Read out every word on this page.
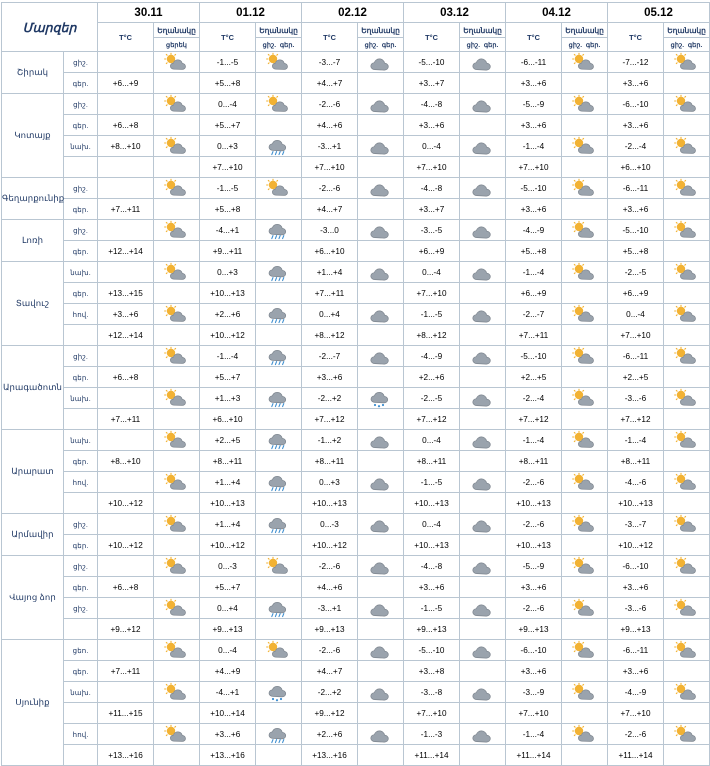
Մարզեր		30.11		01.12		02.12		03.12		04.12		05.12	
		T°C	Եղանակը	T°C	Եղանակը	T°C	Եղանակը	T°C	Եղանակը	T°C	Եղանակը	T°C	Եղանակը
			ցերեկ		ցիշ. գեր.		ցիշ. գեր.		ցիշ. գեր.		ցիշ. գեր.		ցիշ. գեր.
Շիրակ	ցիշ.			-1...-5		-3...-7		-5...-10		-6...-11		-7...-12	

	գեր.	+6...+9		+5...+8		+4...+7		+3...+7		+3...+6		+3...+6	
Կոտայք	ցիշ.			0...-4		-2...-6		-4...-8		-5...-9		-6...-10	

	գեր.	+6...+8		+5...+7		+4...+6		+3...+6		+3...+6		+3...+6	
	նախ.	+8...+10		0...+3		-3...+1		0...-4		-1...-4		-2...-4	

				+7...+10		+7...+10		+7...+10		+7...+10		+6...+10	
Գեղարքունիք	ցիշ.			-1...-5		-2...-6		-4...-8		-5...-10		-6...-11	

	գեր.	+7...+11		+5...+8		+4...+7		+3...+7		+3...+6		+3...+6	
Լոռի	ցիշ.			-4...+1		-3...0		-3...-5		-4...-9		-5...-10	

	գեր.	+12...+14		+9...+11		+6...+10		+6...+9		+5...+8		+5...+8	
Տավուշ	նախ.			0...+3		+1...+4		0...-4		-1...-4		-2...-5	

	գեր.	+13...+15		+10...+13		+7...+11		+7...+10		+6...+9		+6...+9	
	հով.	+3...+6		+2...+6		0...+4		-1...-5		-2...-7		0...-4	

		+12...+14		+10...+12		+8...+12		+8...+12		+7...+11		+7...+10	
Արագածոտն	ցիշ.			-1...-4		-2...-7		-4...-9		-5...-10		-6...-11	

	գեր.	+6...+8		+5...+7		+3...+6		+2...+6		+2...+5		+2...+5	
	նախ.			+1...+3		-2...+2		-2...-5		-2...-4		-3...-6	

		+7...+11		+6...+10		+7...+12		+7...+12		+7...+12		+7...+12	
Արարատ	նախ.			+2...+5		-1...+2		0...-4		-1...-4		-1...-4	

	գեր.	+8...+10		+8...+11		+8...+11		+8...+11		+8...+11		+8...+11	
	հով.			+1...+4		0...+3		-1...-5		-2...-6		-4...-6	

		+10...+12		+10...+13		+10...+13		+10...+13		+10...+13		+10...+13	
Արմավիր	ցիշ.			+1...+4		0...-3		0...-4		-2...-6		-3...-7	

	գեր.	+10...+12		+10...+12		+10...+12		+10...+13		+10...+13		+10...+12	
Վայոց ձոր	ցիշ.			0...-3		-2...-6		-4...-8		-5...-9		-6...-10	

	գեր.	+6...+8		+5...+7		+4...+6		+3...+6		+3...+6		+3...+6	
	ցիշ.			0...+4		-3...+1		-1...-5		-2...-6		-3...-6	

		+9...+12		+9...+13		+9...+13		+9...+13		+9...+13		+9...+13	
Սյունիք	ցեո.			0...-4		-2...-6		-5...-10		-6...-10		-6...-11	

	գեր.	+7...+11		+4...+9		+4...+7		+3...+8		+3...+6		+3...+6	
	նախ.			-4...+1		-2...+2		-3...-8		-3...-9		-4...-9	

		+11...+15		+10...+14		+9...+12		+7...+10		+7...+10		+7...+10	
	հով.			+3...+6		+2...+6		-1...-3		-1...-4		-2...-6	

		+13...+16		+13...+16		+13...+16		+11...+14		+11...+14		+11...+14	
